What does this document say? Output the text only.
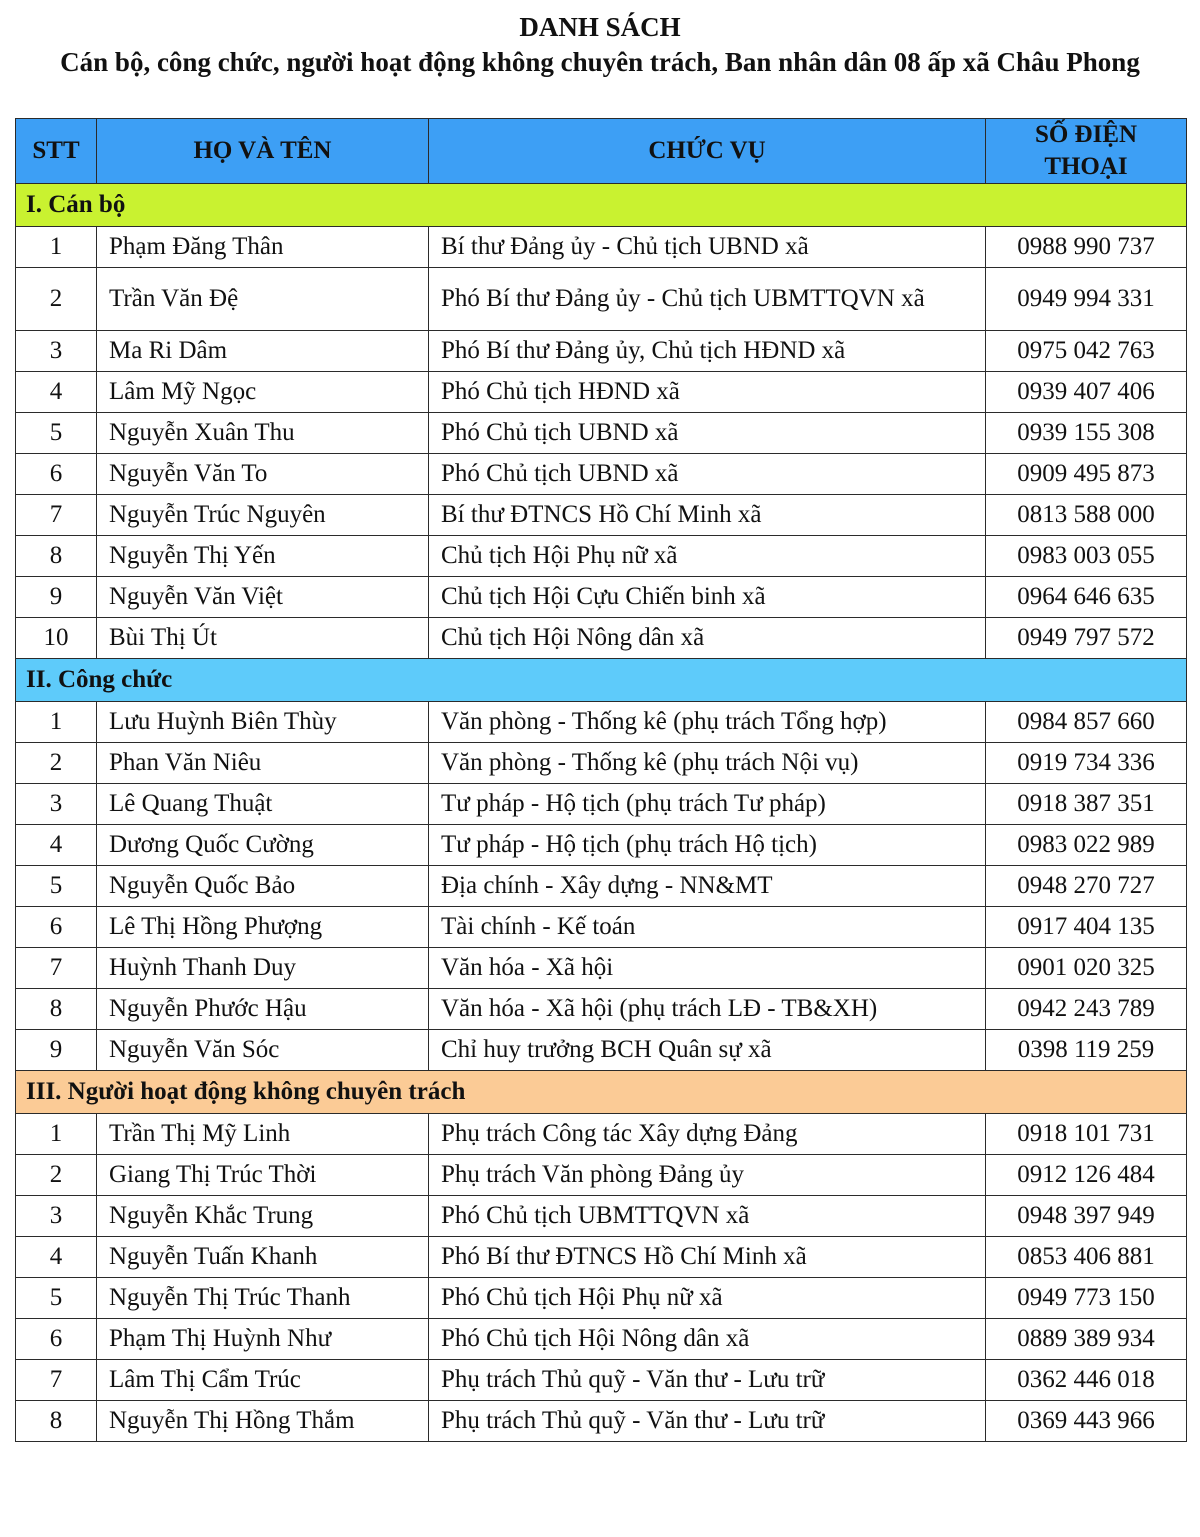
DANH SÁCH
Cán bộ, công chức, người hoạt động không chuyên trách, Ban nhân dân 08 ấp xã Châu Phong
STT	HỌ VÀ TÊN	CHỨC VỤ	SỐ ĐIỆN THOẠI
I. Cán bộ			
1	Phạm Đăng Thân	Bí thư Đảng ủy - Chủ tịch UBND xã	0988 990 737
2	Trần Văn Đệ	Phó Bí thư Đảng ủy - Chủ tịch UBMTTQVN xã	0949 994 331
3	Ma Ri Dâm	Phó Bí thư Đảng ủy, Chủ tịch HĐND xã	0975 042 763
4	Lâm Mỹ Ngọc	Phó Chủ tịch HĐND xã	0939 407 406
5	Nguyễn Xuân Thu	Phó Chủ tịch UBND xã	0939 155 308
6	Nguyễn Văn To	Phó Chủ tịch UBND xã	0909 495 873
7	Nguyễn Trúc Nguyên	Bí thư ĐTNCS Hồ Chí Minh xã	0813 588 000
8	Nguyễn Thị Yến	Chủ tịch Hội Phụ nữ xã	0983 003 055
9	Nguyễn Văn Việt	Chủ tịch Hội Cựu Chiến binh xã	0964 646 635
10	Bùi Thị Út	Chủ tịch Hội Nông dân xã	0949 797 572
II. Công chức			
1	Lưu Huỳnh Biên Thùy	Văn phòng - Thống kê (phụ trách Tổng hợp)	0984 857 660
2	Phan Văn Niêu	Văn phòng - Thống kê (phụ trách Nội vụ)	0919 734 336
3	Lê Quang Thuật	Tư pháp - Hộ tịch (phụ trách Tư pháp)	0918 387 351
4	Dương Quốc Cường	Tư pháp - Hộ tịch (phụ trách Hộ tịch)	0983 022 989
5	Nguyễn Quốc Bảo	Địa chính - Xây dựng - NN&MT	0948 270 727
6	Lê Thị Hồng Phượng	Tài chính - Kế toán	0917 404 135
7	Huỳnh Thanh Duy	Văn hóa - Xã hội	0901 020 325
8	Nguyễn Phước Hậu	Văn hóa - Xã hội (phụ trách LĐ - TB&XH)	0942 243 789
9	Nguyễn Văn Sóc	Chỉ huy trưởng BCH Quân sự xã	0398 119 259
III. Người hoạt động không chuyên trách			
1	Trần Thị Mỹ Linh	Phụ trách Công tác Xây dựng Đảng	0918 101 731
2	Giang Thị Trúc Thời	Phụ trách Văn phòng Đảng ủy	0912 126 484
3	Nguyễn Khắc Trung	Phó Chủ tịch UBMTTQVN xã	0948 397 949
4	Nguyễn Tuấn Khanh	Phó Bí thư ĐTNCS Hồ Chí Minh xã	0853 406 881
5	Nguyễn Thị Trúc Thanh	Phó Chủ tịch Hội Phụ nữ xã	0949 773 150
6	Phạm Thị Huỳnh Như	Phó Chủ tịch Hội Nông dân xã	0889 389 934
7	Lâm Thị Cẩm Trúc	Phụ trách Thủ quỹ - Văn thư - Lưu trữ	0362 446 018
8	Nguyễn Thị Hồng Thắm	Phụ trách Thủ quỹ - Văn thư - Lưu trữ	0369 443 966
